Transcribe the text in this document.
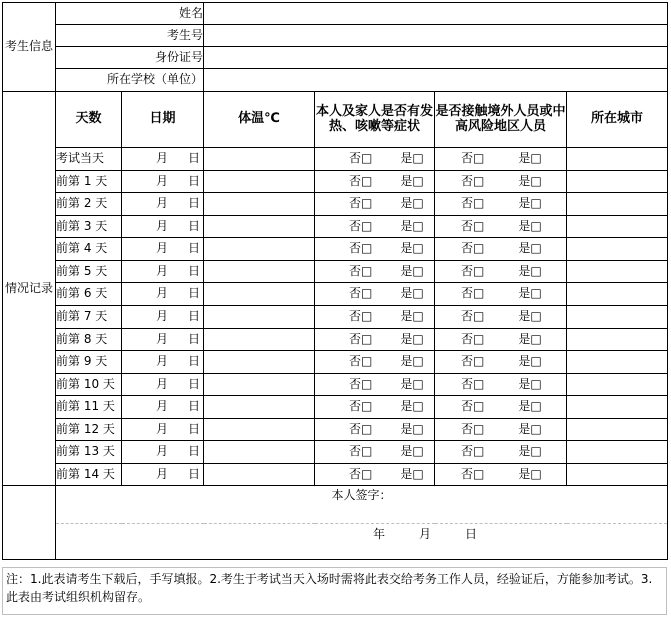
考生信息	姓名					
	考生号					
	身份证号					
	所在学校（单位）					
情况记录	天数	日期	体温℃	本人及家人是否有发热、咳嗽等症状	是否接触境外人员或中高风险地区人员	所在城市
	考试当天	月 日		否□ 是□	否□ 是□	
	前第 1 天	月 日		否□ 是□	否□ 是□	
	前第 2 天	月 日		否□ 是□	否□ 是□	
	前第 3 天	月 日		否□ 是□	否□ 是□	
	前第 4 天	月 日		否□ 是□	否□ 是□	
	前第 5 天	月 日		否□ 是□	否□ 是□	
	前第 6 天	月 日		否□ 是□	否□ 是□	
	前第 7 天	月 日		否□ 是□	否□ 是□	
	前第 8 天	月 日		否□ 是□	否□ 是□	
	前第 9 天	月 日		否□ 是□	否□ 是□	
	前第 10 天	月 日		否□ 是□	否□ 是□	
	前第 11 天	月 日		否□ 是□	否□ 是□	
	前第 12 天	月 日		否□ 是□	否□ 是□	
	前第 13 天	月 日		否□ 是□	否□ 是□	
	前第 14 天	月 日		否□ 是□	否□ 是□	

	本人签字：
年 月 日					

注：1.此表请考生下载后，手写填报。2.考生于考试当天入场时需将此表交给考务工作人员，经验证后，方能参加考试。3.此表由考试组织机构留存。
